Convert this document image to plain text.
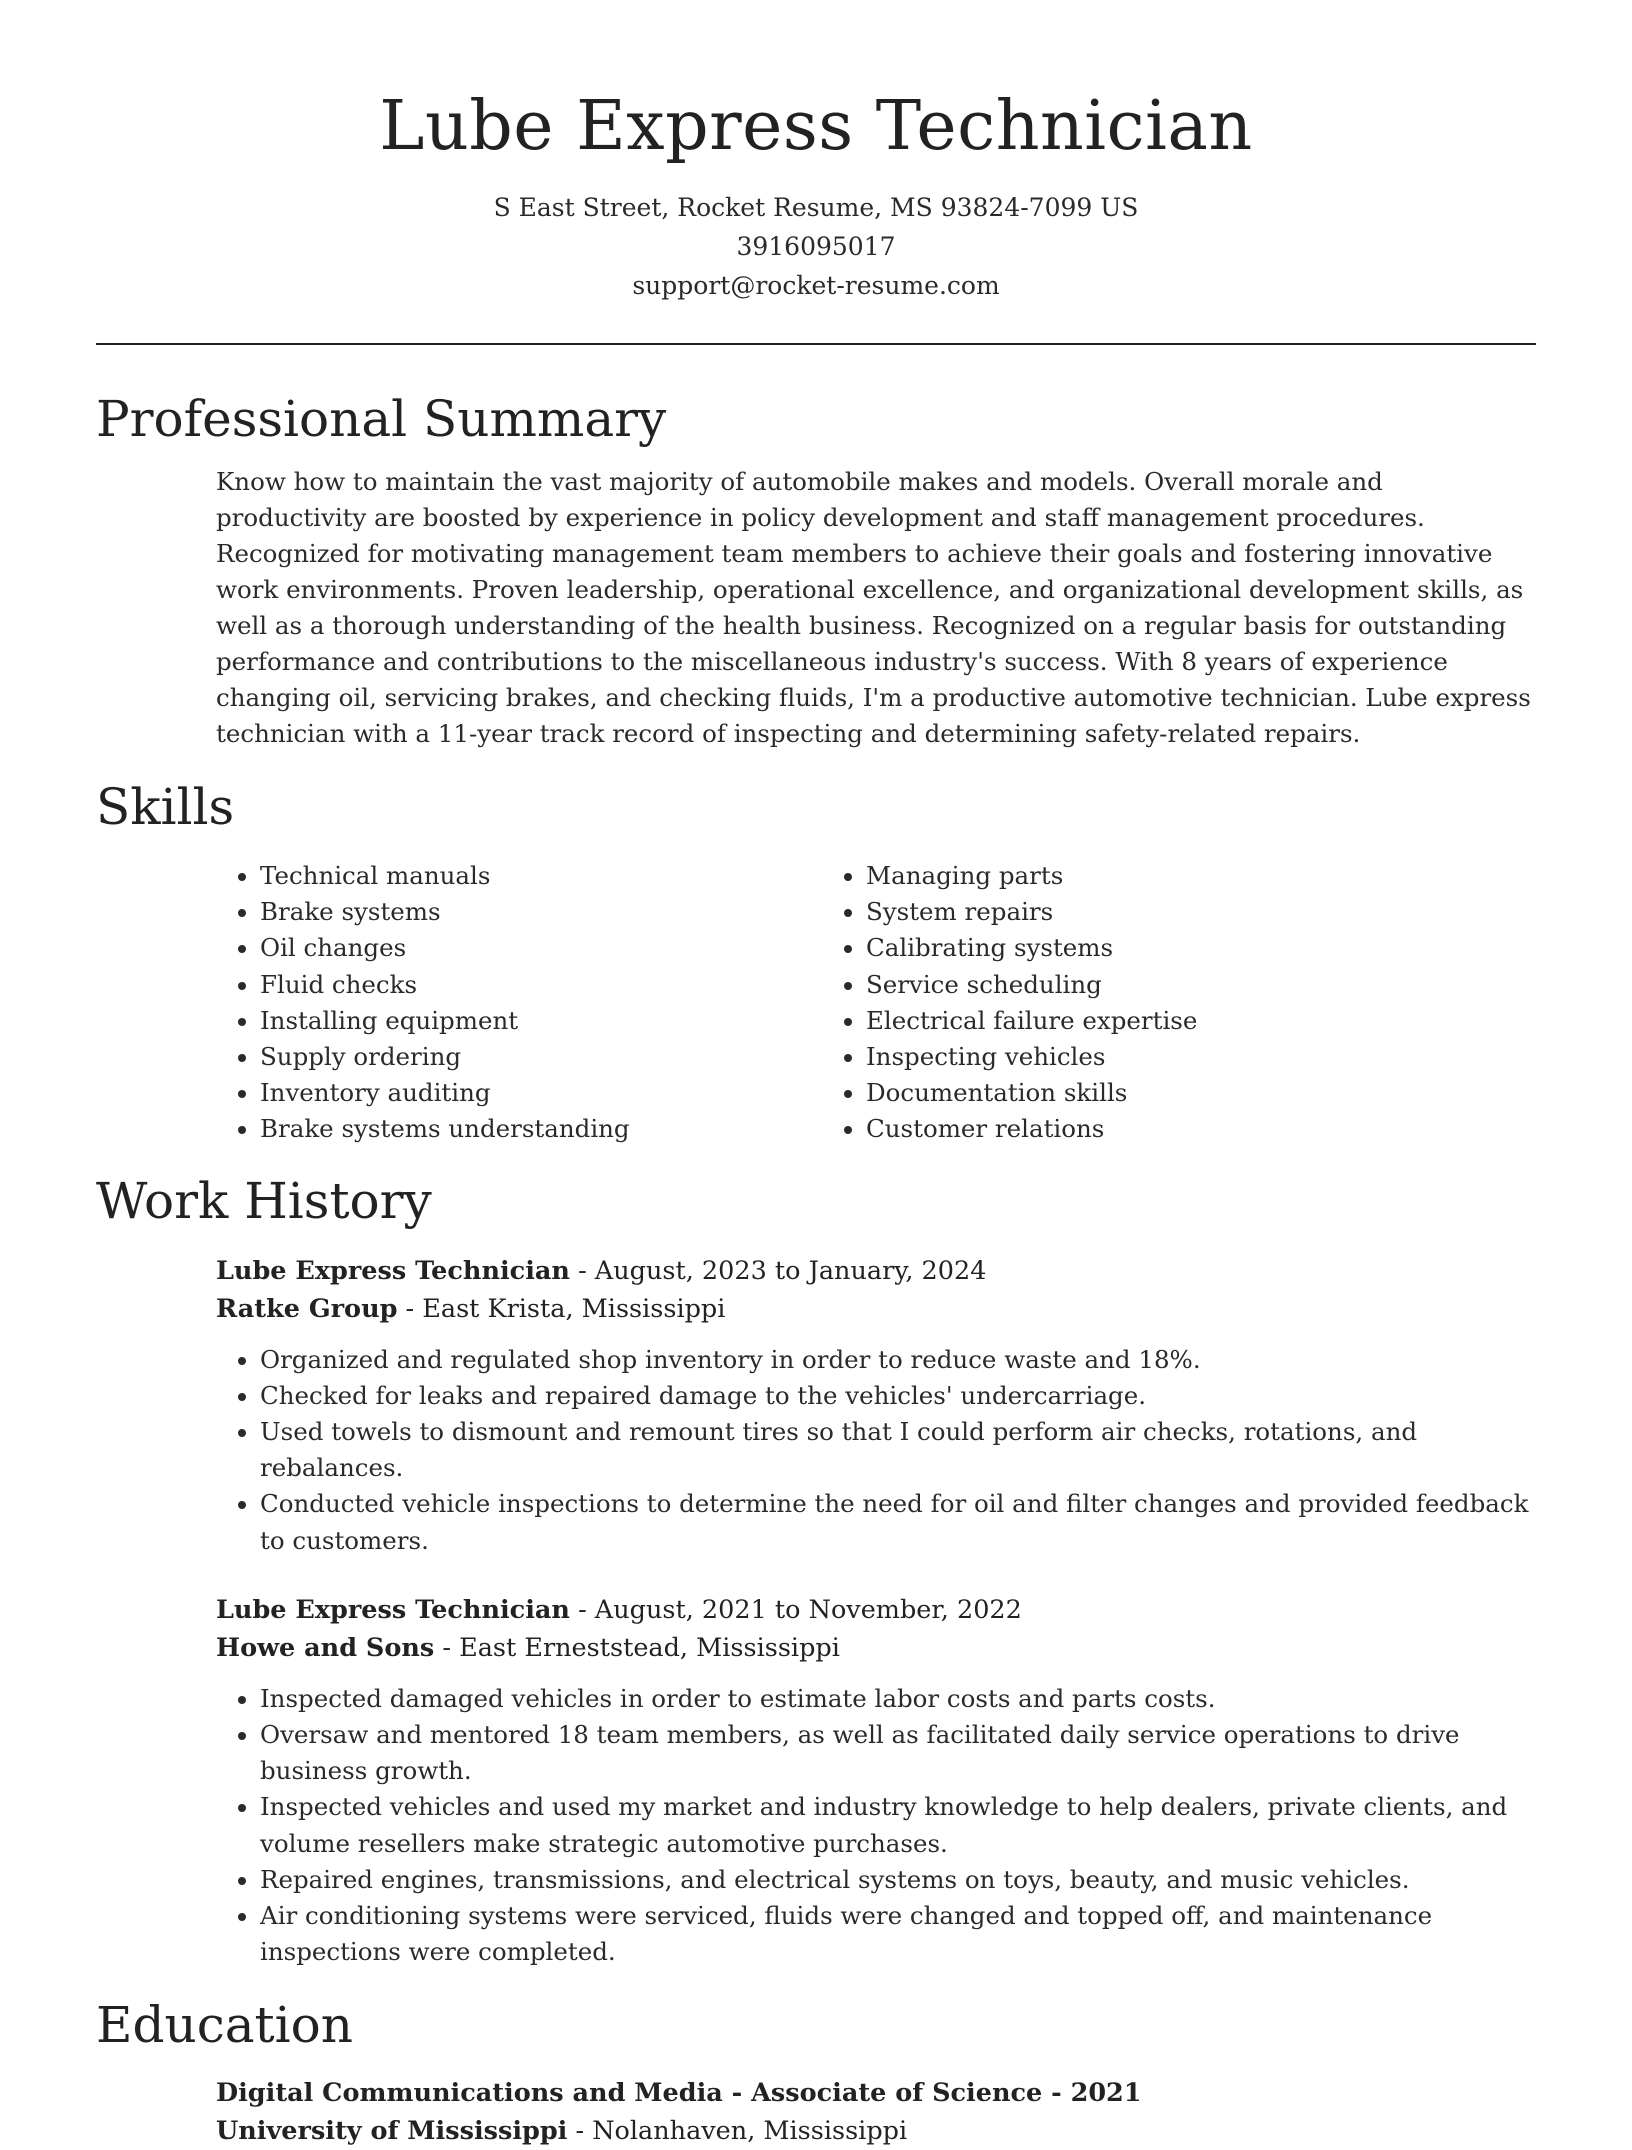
Lube Express Technician
S East Street, Rocket Resume, MS 93824-7099 US
3916095017
support@rocket-resume.com
Professional Summary
Know how to maintain the vast majority of automobile makes and models. Overall morale and productivity are boosted by experience in policy development and staff management procedures. Recognized for motivating management team members to achieve their goals and fostering innovative work environments. Proven leadership, operational excellence, and organizational development skills, as well as a thorough understanding of the health business. Recognized on a regular basis for outstanding performance and contributions to the miscellaneous industry's success. With 8 years of experience changing oil, servicing brakes, and checking fluids, I'm a productive automotive technician. Lube express technician with a 11-year track record of inspecting and determining safety-related repairs.
Skills
• Technical manuals
• Brake systems
• Oil changes
• Fluid checks
• Installing equipment
• Supply ordering
• Inventory auditing
• Brake systems understanding
• Managing parts
• System repairs
• Calibrating systems
• Service scheduling
• Electrical failure expertise
• Inspecting vehicles
• Documentation skills
• Customer relations
Work History
Lube Express Technician - August, 2023 to January, 2024
Ratke Group - East Krista, Mississippi
• Organized and regulated shop inventory in order to reduce waste and 18%.
• Checked for leaks and repaired damage to the vehicles' undercarriage.
• Used towels to dismount and remount tires so that I could perform air checks, rotations, and rebalances.
• Conducted vehicle inspections to determine the need for oil and filter changes and provided feedback to customers.
Lube Express Technician - August, 2021 to November, 2022
Howe and Sons - East Erneststead, Mississippi
• Inspected damaged vehicles in order to estimate labor costs and parts costs.
• Oversaw and mentored 18 team members, as well as facilitated daily service operations to drive business growth.
• Inspected vehicles and used my market and industry knowledge to help dealers, private clients, and volume resellers make strategic automotive purchases.
• Repaired engines, transmissions, and electrical systems on toys, beauty, and music vehicles.
• Air conditioning systems were serviced, fluids were changed and topped off, and maintenance inspections were completed.
Education
Digital Communications and Media - Associate of Science - 2021
University of Mississippi - Nolanhaven, Mississippi
